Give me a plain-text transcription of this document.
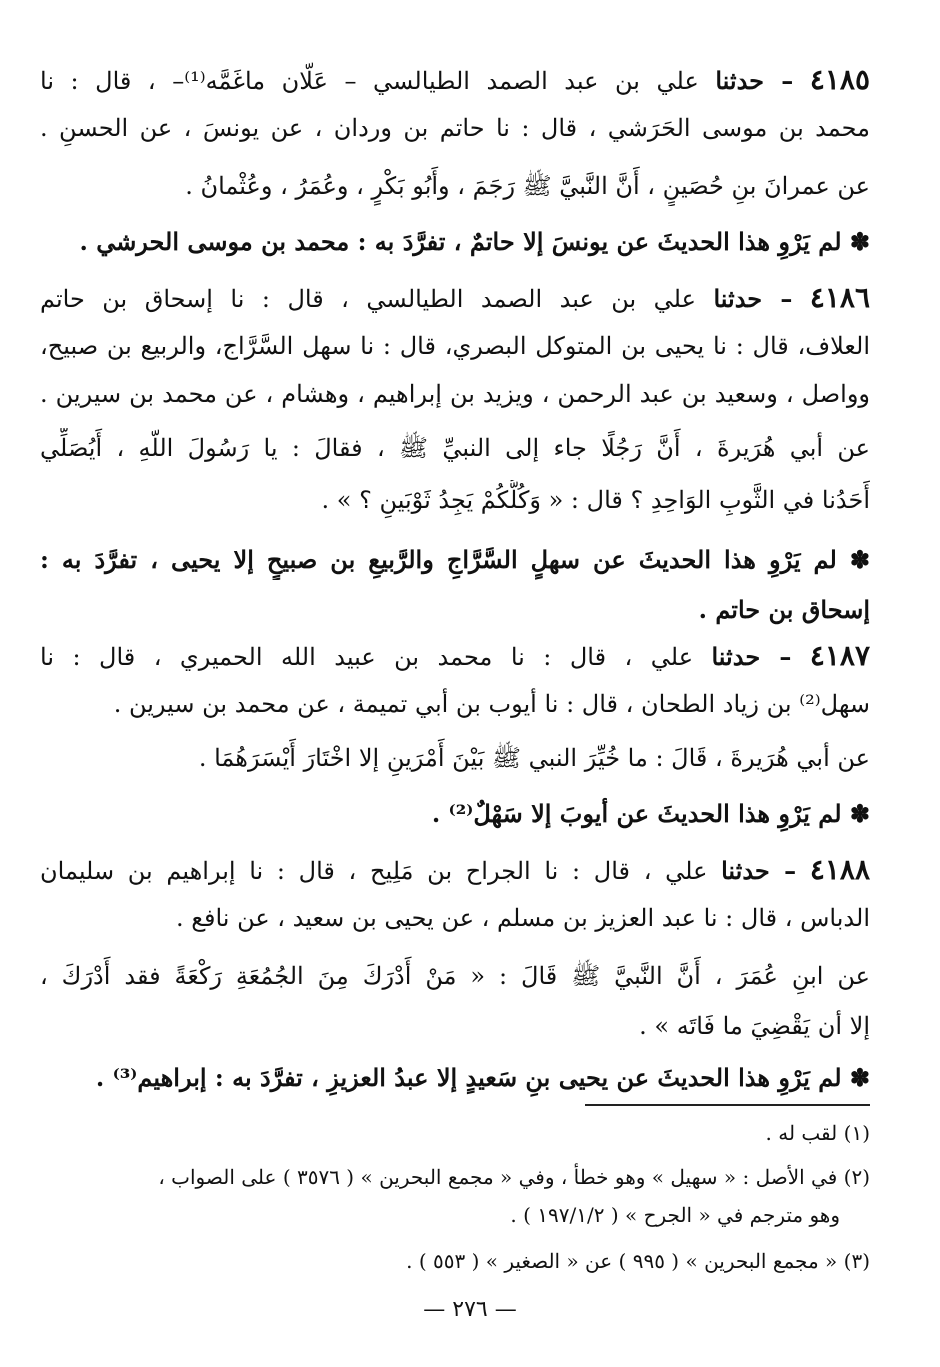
٤١٨٥ – حدثنا علي بن عبد الصمد الطيالسي – عَلّان ماغَمَّه⁽¹⁾– ، قال : نا
محمد بن موسى الحَرَشي ، قال : نا حاتم بن وردان ، عن يونسَ ، عن الحسنِ .
عن عمرانَ بنِ حُصَينٍ ، أَنَّ النَّبيَّ ﷺ رَجَمَ ، وأَبُو بَكْرٍ ، وعُمَرُ ، وعُثْمانُ .
✽ لم يَرْوِ هذا الحديثَ عن يونسَ إلا حاتمٌ ، تفرَّدَ به : محمد بن موسى الحرشي .
٤١٨٦ – حدثنا علي بن عبد الصمد الطيالسي ، قال : نا إسحاق بن حاتم
العلاف، قال : نا يحيى بن المتوكل البصري، قال : نا سهل السَّرَّاج، والربيع بن صبيح،
وواصل ، وسعيد بن عبد الرحمن ، ويزيد بن إبراهيم ، وهشام ، عن محمد بن سيرين .
عن أبي هُرَيرةَ ، أَنَّ رَجُلًا جاء إلى النبيِّ ﷺ ، فقالَ : يا رَسُولَ اللّهِ ، أَيُصَلِّي
أَحَدُنا في الثَّوبِ الوَاحِدِ ؟ قال : « وَكُلُّكُمْ يَجِدُ ثَوْبَينِ ؟ » .
✽ لم يَرْوِ هذا الحديثَ عن سهلٍ السَّرَّاجِ والرَّبيعِ بن صبيحٍ إلا يحيى ، تفرَّدَ به :
إسحاق بن حاتم .
٤١٨٧ – حدثنا علي ، قال : نا محمد بن عبيد الله الحميري ، قال : نا
سهل⁽²⁾ بن زياد الطحان ، قال : نا أيوب بن أبي تميمة ، عن محمد بن سيرين .
عن أبي هُرَيرةَ ، قَالَ : ما خُيِّرَ النبي ﷺ بَيْنَ أَمْرَينِ إلا اخْتَارَ أَيْسَرَهُمَا .
✽ لم يَرْوِ هذا الحديثَ عن أيوبَ إلا سَهْلٌ⁽²⁾ .
٤١٨٨ – حدثنا علي ، قال : نا الجراح بن مَلِيح ، قال : نا إبراهيم بن سليمان
الدباس ، قال : نا عبد العزيز بن مسلم ، عن يحيى بن سعيد ، عن نافع .
عن ابنِ عُمَرَ ، أَنَّ النَّبيَّ ﷺ قَالَ : « مَنْ أَدْرَكَ مِنَ الجُمُعَةِ رَكْعَةً فقد أَدْرَكَ ،
إلا أن يَقْضِيَ ما فَاتَه » .
✽ لم يَرْوِ هذا الحديثَ عن يحيى بنِ سَعيدٍ إلا عبدُ العزيزِ ، تفرَّدَ به : إبراهيم⁽³⁾ .
(١) لقب له .
(٢) في الأصل : « سهيل » وهو خطأ ، وفي « مجمع البحرين » ( ٣٥٧٦ ) على الصواب ،
وهو مترجم في « الجرح » ( ١٩٧/١/٢ ) .
(٣) « مجمع البحرين » ( ٩٩٥ ) عن « الصغير » ( ٥٥٣ ) .
— ٢٧٦ —
